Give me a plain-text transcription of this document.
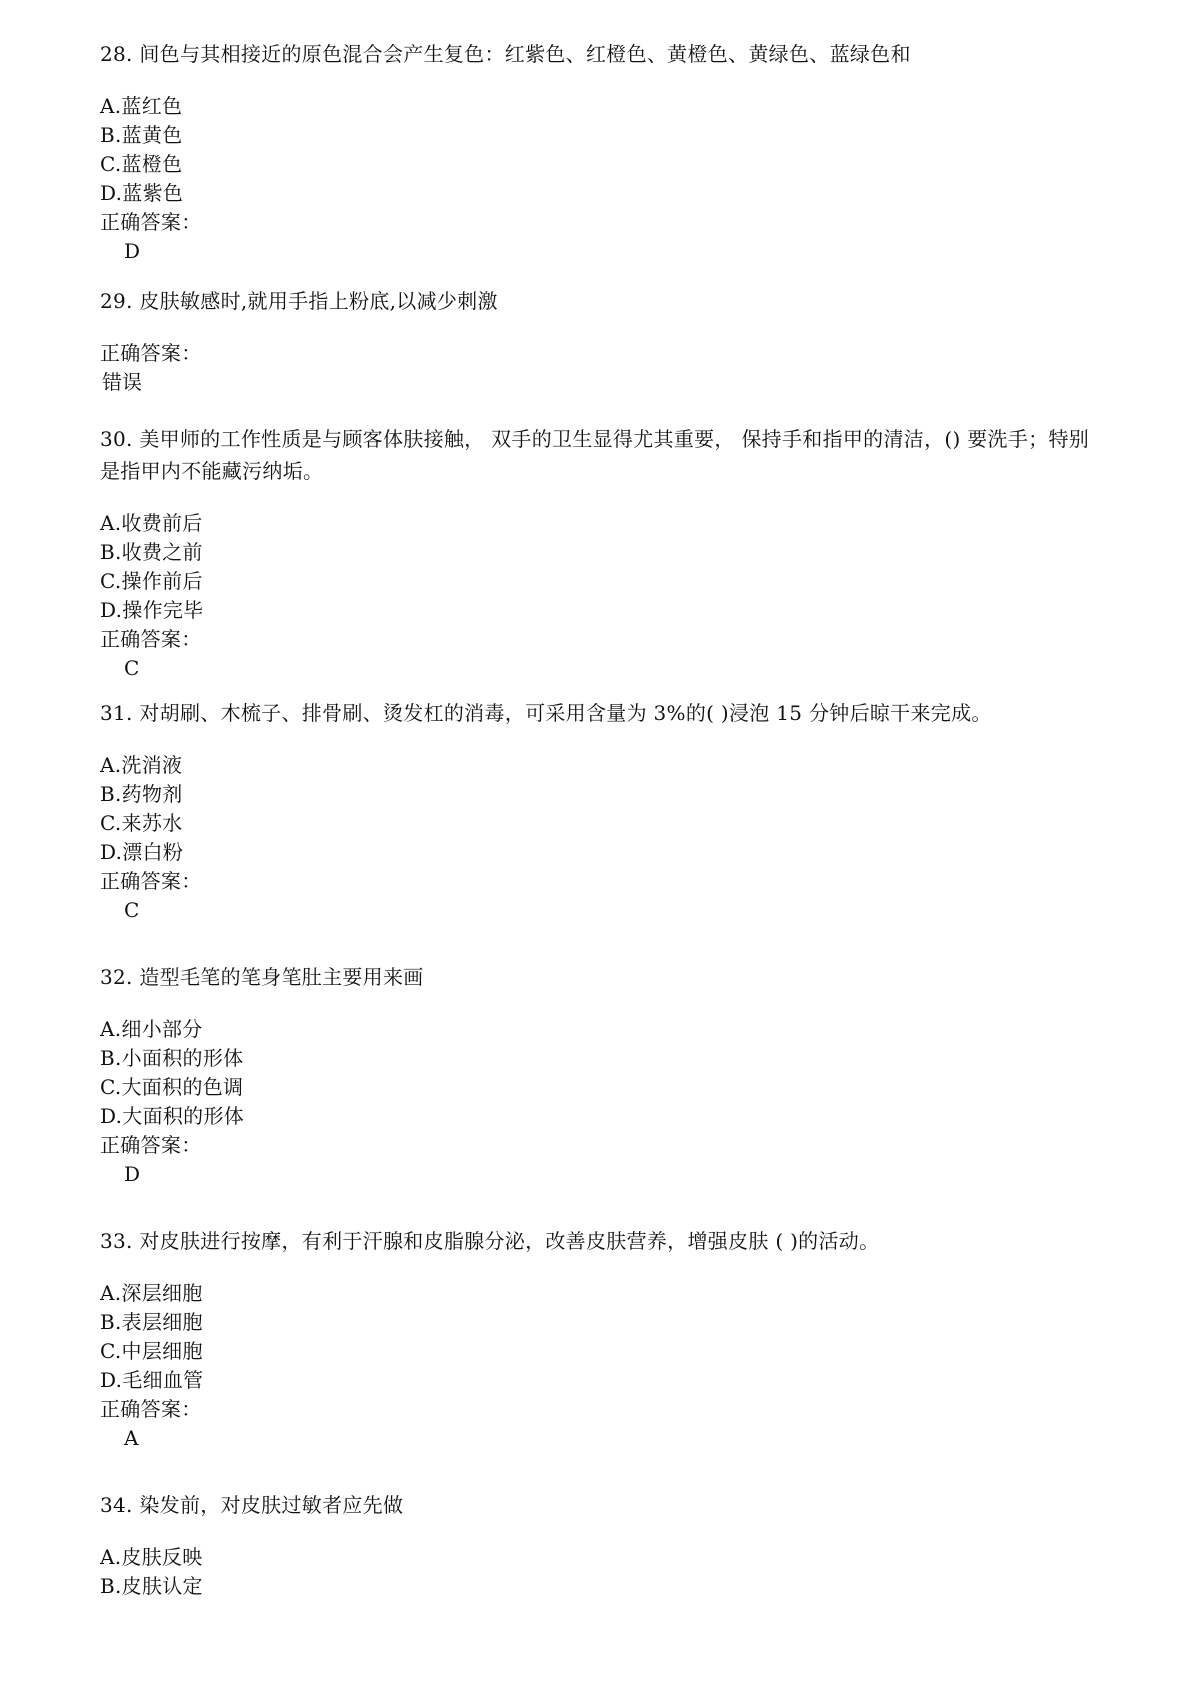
28. 间色与其相接近的原色混合会产生复色：红紫色、红橙色、黄橙色、黄绿色、蓝绿色和

A.蓝红色
B.蓝黄色
C.蓝橙色
D.蓝紫色
正确答案：
D

29. 皮肤敏感时,就用手指上粉底,以减少刺激

正确答案：
错误

30. 美甲师的工作性质是与顾客体肤接触， 双手的卫生显得尤其重要， 保持手和指甲的清洁，() 要洗手；特别是指甲内不能藏污纳垢。

A.收费前后
B.收费之前
C.操作前后
D.操作完毕
正确答案：
C

31. 对胡刷、木梳子、排骨刷、烫发杠的消毒，可采用含量为 3%的( )浸泡 15 分钟后晾干来完成。

A.洗消液
B.药物剂
C.来苏水
D.漂白粉
正确答案：
C

32. 造型毛笔的笔身笔肚主要用来画

A.细小部分
B.小面积的形体
C.大面积的色调
D.大面积的形体
正确答案：
D

33. 对皮肤进行按摩，有利于汗腺和皮脂腺分泌，改善皮肤营养，增强皮肤 ( )的活动。

A.深层细胞
B.表层细胞
C.中层细胞
D.毛细血管
正确答案：
A

34. 染发前，对皮肤过敏者应先做

A.皮肤反映
B.皮肤认定
